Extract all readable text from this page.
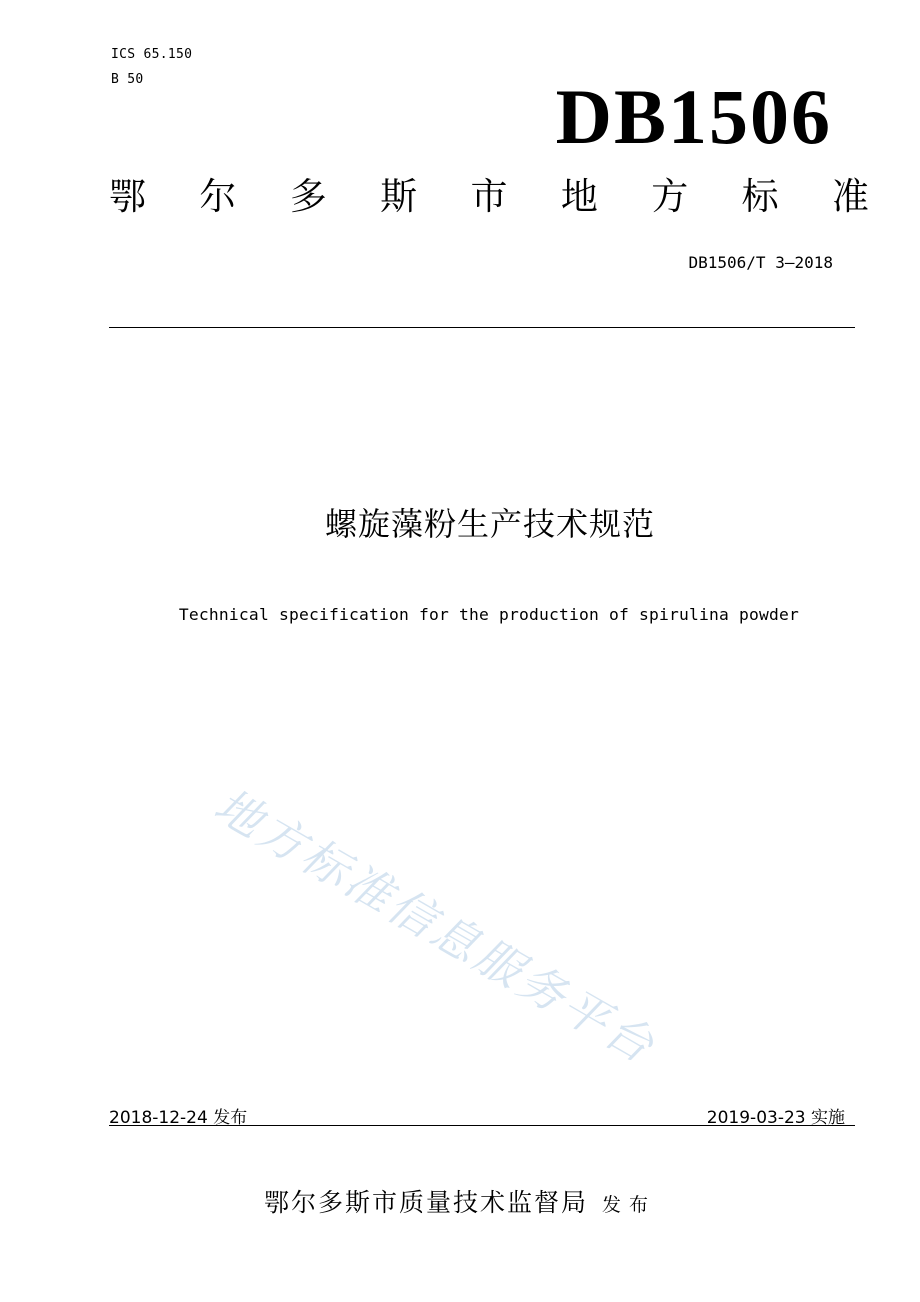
ICS 65.150
B 50	DB1506
鄂 尔 多 斯 市 地 方 标 准
DB1506/T 3—2018
螺旋藻粉生产技术规范
Technical specification for the production of spirulina powder
地方标准信息服务平台
2018-12-24 发布	2019-03-23 实施
鄂尔多斯市质量技术监督局 发布
